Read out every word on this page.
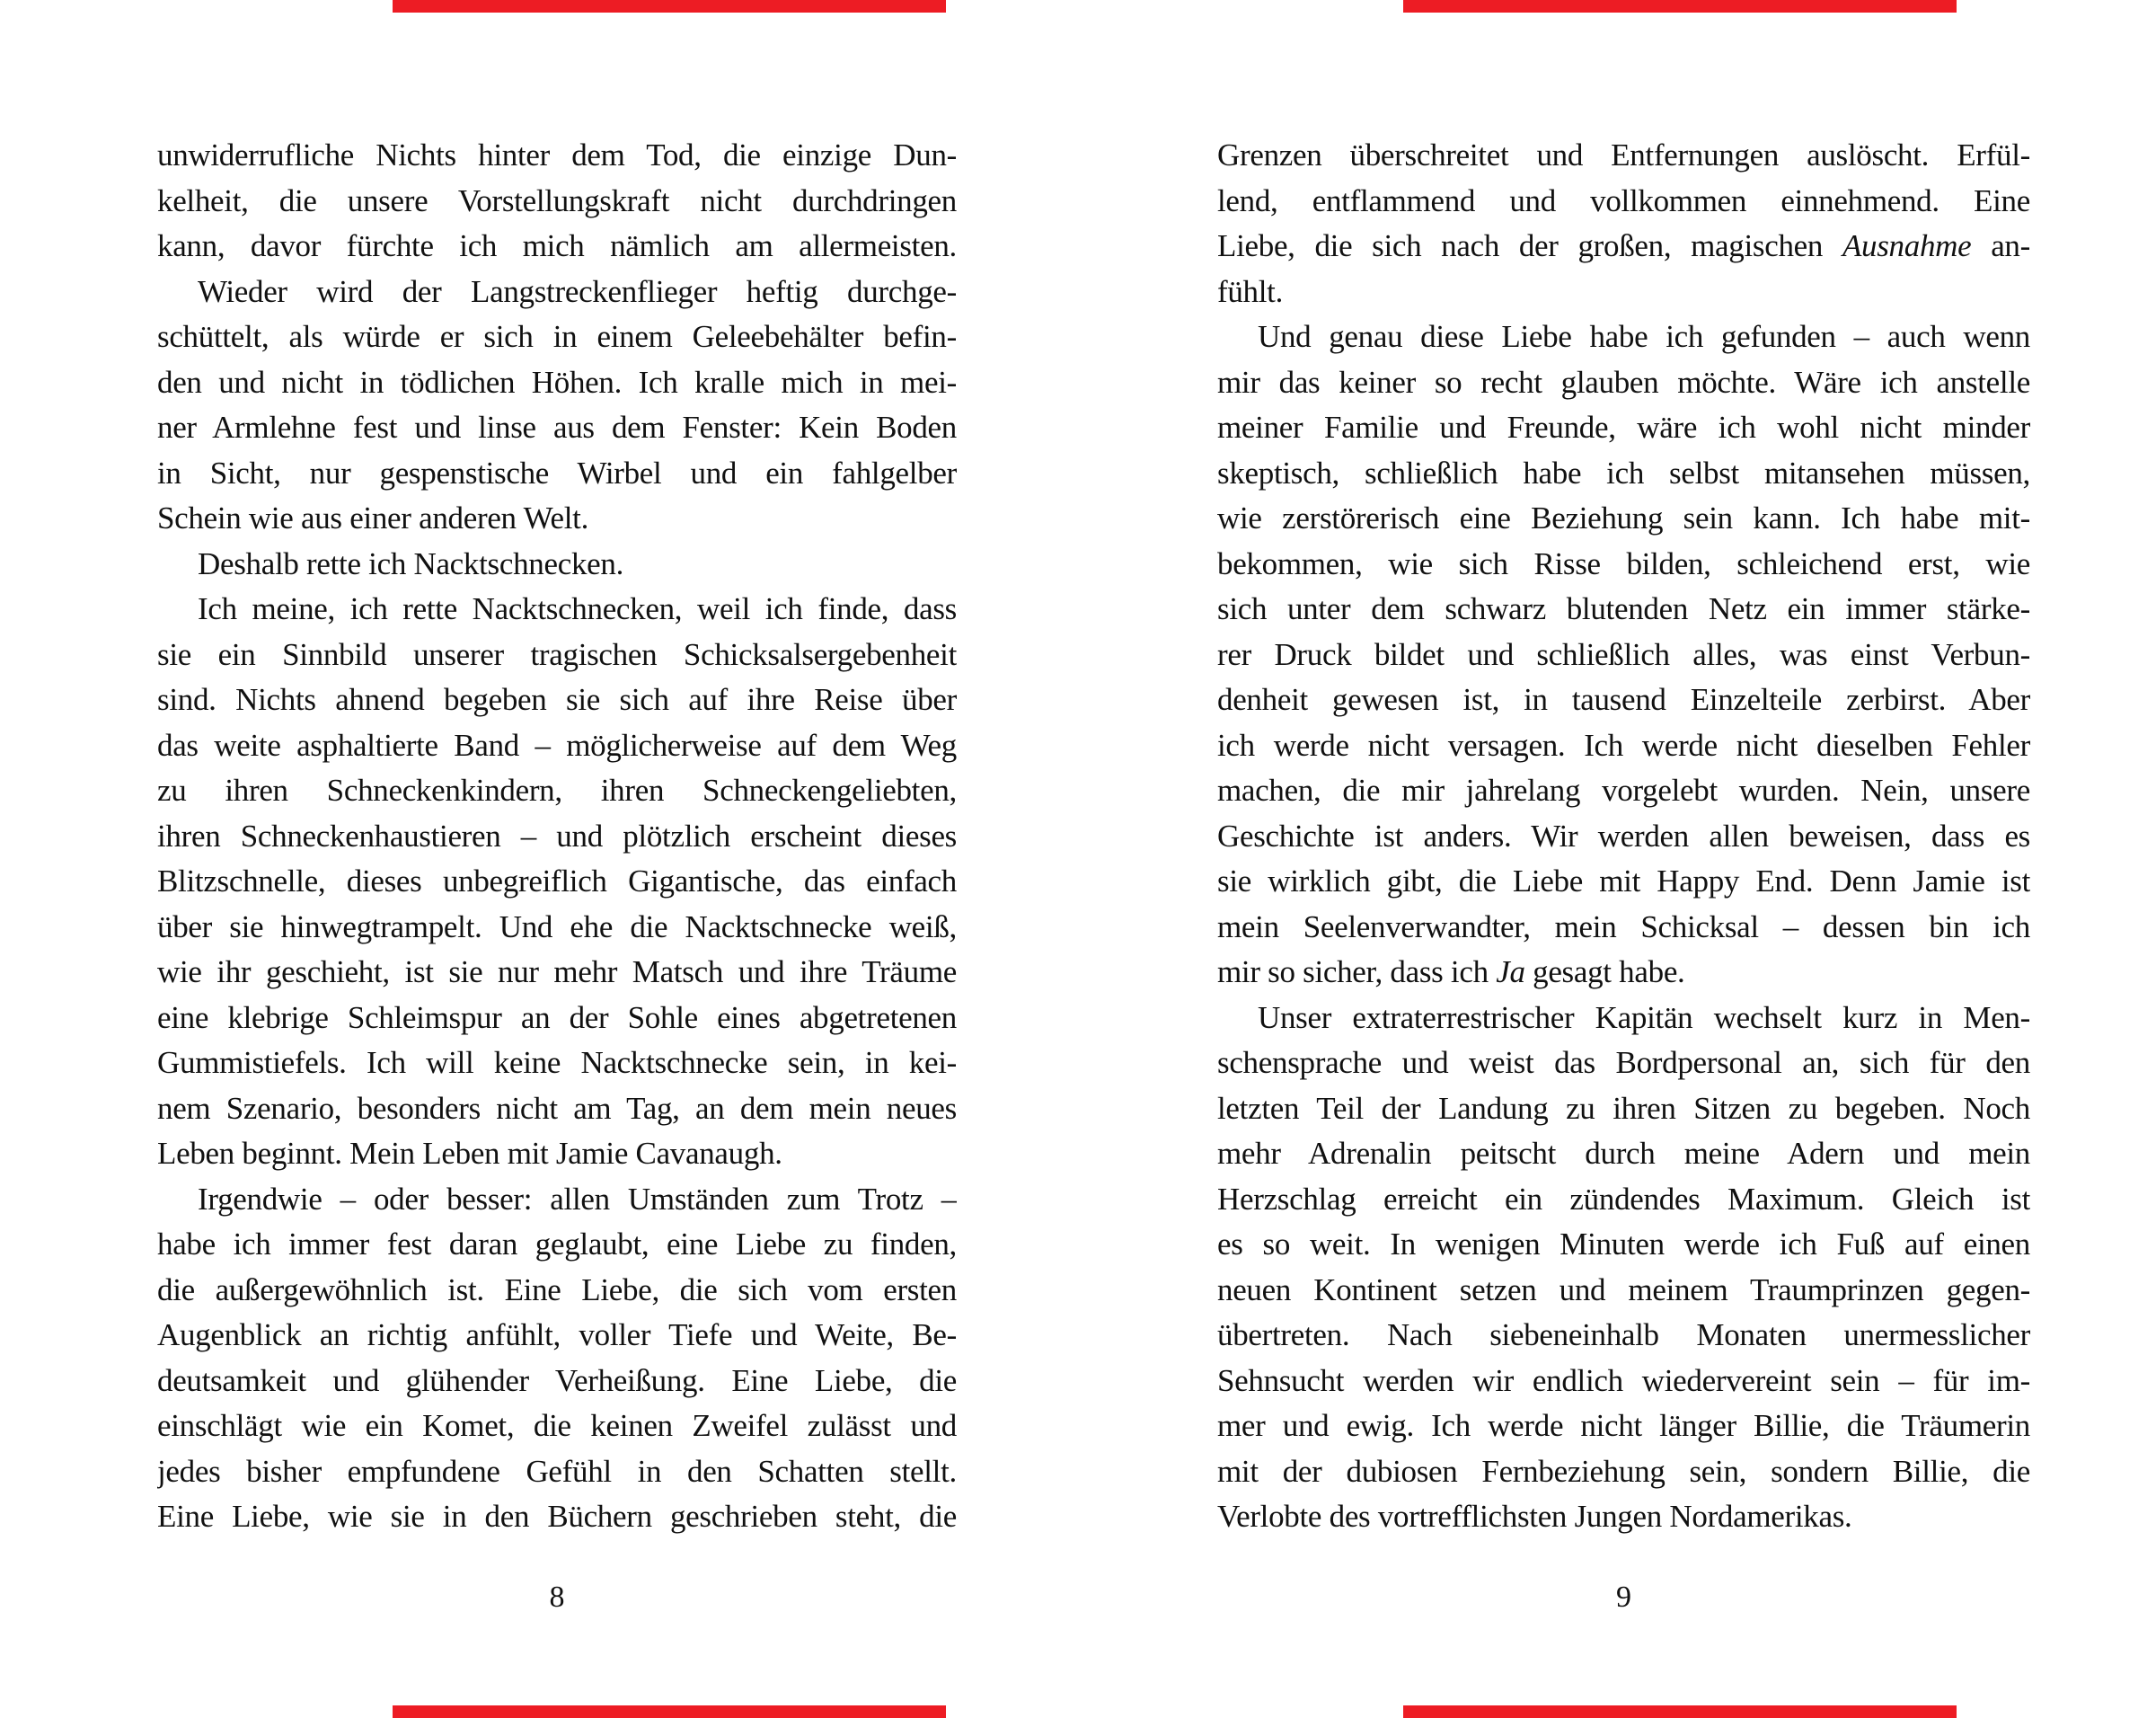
unwiderrufliche Nichts hinter dem Tod, die einzige Dun-
kelheit, die unsere Vorstellungskraft nicht durchdringen
kann, davor fürchte ich mich nämlich am allermeisten.
Wieder wird der Langstreckenflieger heftig durchge-
schüttelt, als würde er sich in einem Geleebehälter befin-
den und nicht in tödlichen Höhen. Ich kralle mich in mei-
ner Armlehne fest und linse aus dem Fenster: Kein Boden
in Sicht, nur gespenstische Wirbel und ein fahlgelber
Schein wie aus einer anderen Welt.
Deshalb rette ich Nacktschnecken.
Ich meine, ich rette Nacktschnecken, weil ich finde, dass
sie ein Sinnbild unserer tragischen Schicksalsergebenheit
sind. Nichts ahnend begeben sie sich auf ihre Reise über
das weite asphaltierte Band – möglicherweise auf dem Weg
zu ihren Schneckenkindern, ihren Schneckengeliebten,
ihren Schneckenhaustieren – und plötzlich erscheint dieses
Blitzschnelle, dieses unbegreiflich Gigantische, das einfach
über sie hinwegtrampelt. Und ehe die Nacktschnecke weiß,
wie ihr geschieht, ist sie nur mehr Matsch und ihre Träume
eine klebrige Schleimspur an der Sohle eines abgetretenen
Gummistiefels. Ich will keine Nacktschnecke sein, in kei-
nem Szenario, besonders nicht am Tag, an dem mein neues
Leben beginnt. Mein Leben mit Jamie Cavanaugh.
Irgendwie – oder besser: allen Umständen zum Trotz –
habe ich immer fest daran geglaubt, eine Liebe zu finden,
die außergewöhnlich ist. Eine Liebe, die sich vom ersten
Augenblick an richtig anfühlt, voller Tiefe und Weite, Be-
deutsamkeit und glühender Verheißung. Eine Liebe, die
einschlägt wie ein Komet, die keinen Zweifel zulässt und
jedes bisher empfundene Gefühl in den Schatten stellt.
Eine Liebe, wie sie in den Büchern geschrieben steht, die
8
Grenzen überschreitet und Entfernungen auslöscht. Erfül-
lend, entflammend und vollkommen einnehmend. Eine
Liebe, die sich nach der großen, magischen Ausnahme an-
fühlt.
Und genau diese Liebe habe ich gefunden – auch wenn
mir das keiner so recht glauben möchte. Wäre ich anstelle
meiner Familie und Freunde, wäre ich wohl nicht minder
skeptisch, schließlich habe ich selbst mitansehen müssen,
wie zerstörerisch eine Beziehung sein kann. Ich habe mit-
bekommen, wie sich Risse bilden, schleichend erst, wie
sich unter dem schwarz blutenden Netz ein immer stärke-
rer Druck bildet und schließlich alles, was einst Verbun-
denheit gewesen ist, in tausend Einzelteile zerbirst. Aber
ich werde nicht versagen. Ich werde nicht dieselben Fehler
machen, die mir jahrelang vorgelebt wurden. Nein, unsere
Geschichte ist anders. Wir werden allen beweisen, dass es
sie wirklich gibt, die Liebe mit Happy End. Denn Jamie ist
mein Seelenverwandter, mein Schicksal – dessen bin ich
mir so sicher, dass ich Ja gesagt habe.
Unser extraterrestrischer Kapitän wechselt kurz in Men-
schensprache und weist das Bordpersonal an, sich für den
letzten Teil der Landung zu ihren Sitzen zu begeben. Noch
mehr Adrenalin peitscht durch meine Adern und mein
Herzschlag erreicht ein zündendes Maximum. Gleich ist
es so weit. In wenigen Minuten werde ich Fuß auf einen
neuen Kontinent setzen und meinem Traumprinzen gegen-
übertreten. Nach siebeneinhalb Monaten unermesslicher
Sehnsucht werden wir endlich wiedervereint sein – für im-
mer und ewig. Ich werde nicht länger Billie, die Träumerin
mit der dubiosen Fernbeziehung sein, sondern Billie, die
Verlobte des vortrefflichsten Jungen Nordamerikas.
9
